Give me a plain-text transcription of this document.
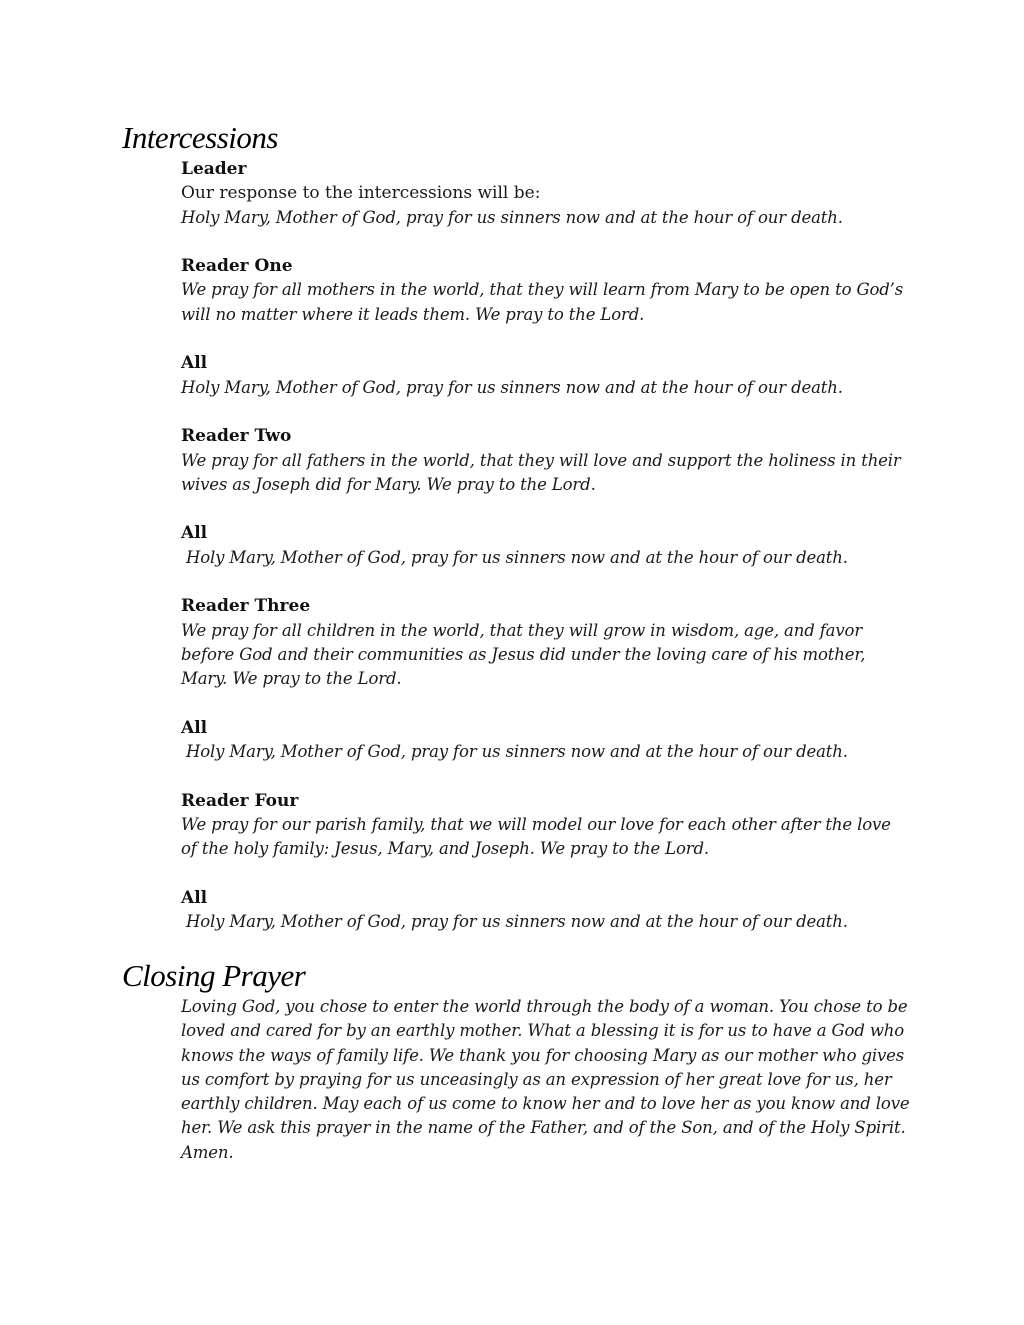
Intercessions
Leader
Our response to the intercessions will be:
Holy Mary, Mother of God, pray for us sinners now and at the hour of our death.
Reader One
We pray for all mothers in the world, that they will learn from Mary to be open to God’s will no matter where it leads them. We pray to the Lord.
All
Holy Mary, Mother of God, pray for us sinners now and at the hour of our death.
Reader Two
We pray for all fathers in the world, that they will love and support the holiness in their wives as Joseph did for Mary. We pray to the Lord.
All
Holy Mary, Mother of God, pray for us sinners now and at the hour of our death.
Reader Three
We pray for all children in the world, that they will grow in wisdom, age, and favor before God and their communities as Jesus did under the loving care of his mother, Mary. We pray to the Lord.
All
Holy Mary, Mother of God, pray for us sinners now and at the hour of our death.
Reader Four
We pray for our parish family, that we will model our love for each other after the love of the holy family: Jesus, Mary, and Joseph. We pray to the Lord.
All
Holy Mary, Mother of God, pray for us sinners now and at the hour of our death.
Closing Prayer
Loving God, you chose to enter the world through the body of a woman. You chose to be loved and cared for by an earthly mother. What a blessing it is for us to have a God who knows the ways of family life. We thank you for choosing Mary as our mother who gives us comfort by praying for us unceasingly as an expression of her great love for us, her earthly children. May each of us come to know her and to love her as you know and love her. We ask this prayer in the name of the Father, and of the Son, and of the Holy Spirit. Amen.
